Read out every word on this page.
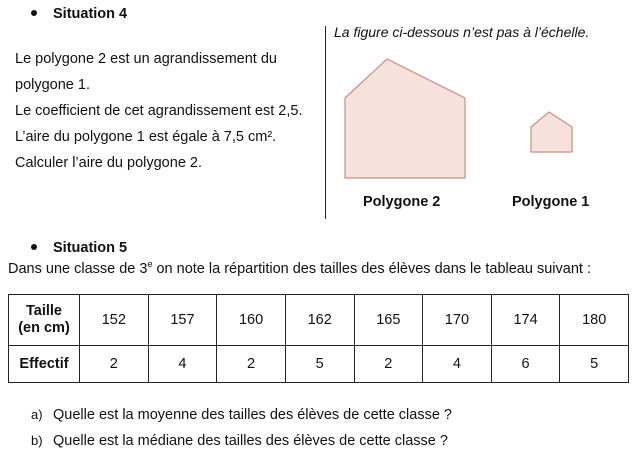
Situation 4
Le polygone 2 est un agrandissement du
polygone 1.
Le coefficient de cet agrandissement est 2,5.
L’aire du polygone 1 est égale à 7,5 cm².
Calculer l’aire du polygone 2.
La figure ci-dessous n’est pas à l’échelle.
Polygone 2	Polygone 1
Situation 5
Dans une classe de 3e on note la répartition des tailles des élèves dans le tableau suivant :
Taille
(en cm)	152	157	160	162	165	170	174	180
Effectif	2	4	2	5	2	4	6	5
a) Quelle est la moyenne des tailles des élèves de cette classe ?
b) Quelle est la médiane des tailles des élèves de cette classe ?
